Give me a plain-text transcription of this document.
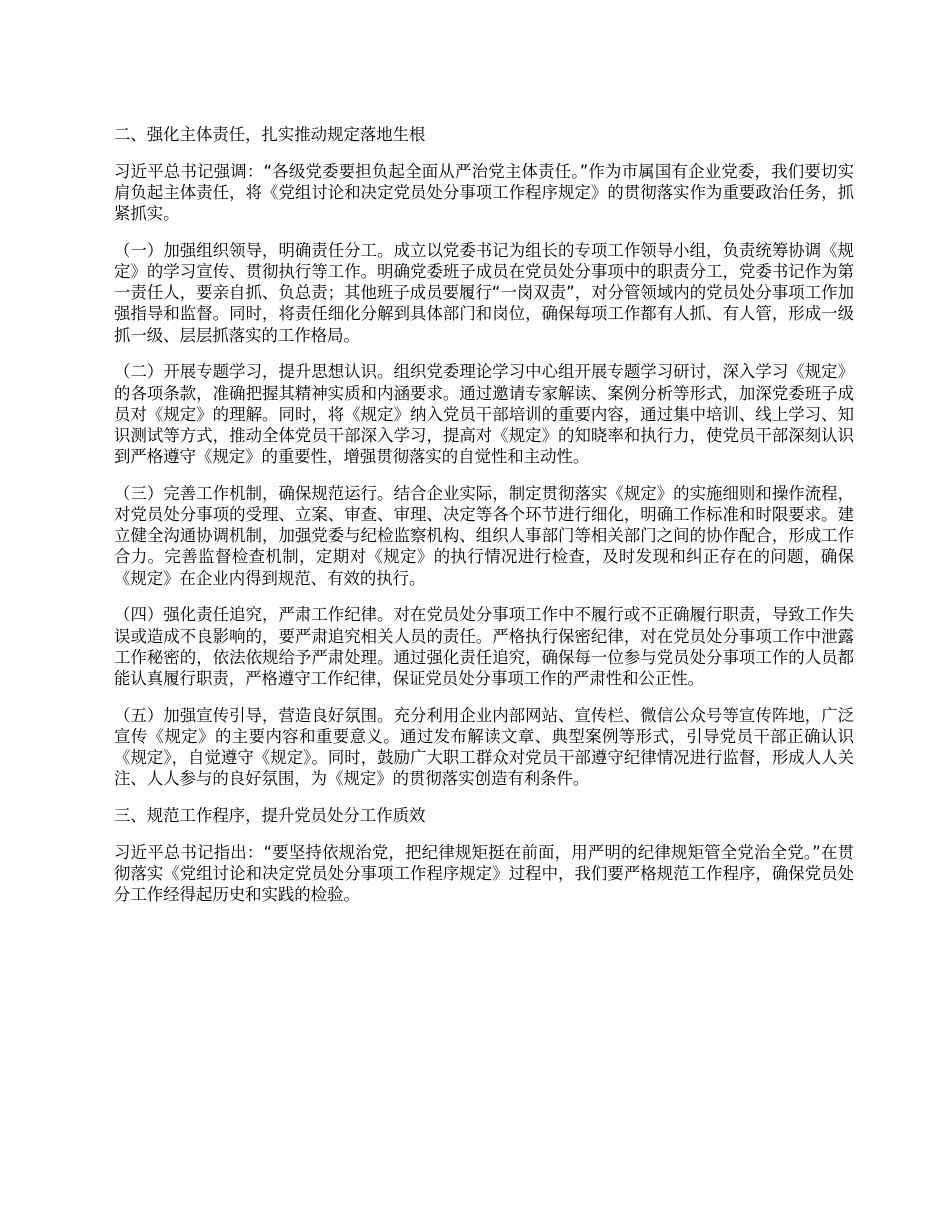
二、强化主体责任，扎实推动规定落地生根

习近平总书记强调：“各级党委要担负起全面从严治党主体责任。”作为市属国有企业党委，我们要切实肩负起主体责任，将《党组讨论和决定党员处分事项工作程序规定》的贯彻落实作为重要政治任务，抓紧抓实。

（一）加强组织领导，明确责任分工。成立以党委书记为组长的专项工作领导小组，负责统筹协调《规定》的学习宣传、贯彻执行等工作。明确党委班子成员在党员处分事项中的职责分工，党委书记作为第一责任人，要亲自抓、负总责；其他班子成员要履行“一岗双责”，对分管领域内的党员处分事项工作加强指导和监督。同时，将责任细化分解到具体部门和岗位，确保每项工作都有人抓、有人管，形成一级抓一级、层层抓落实的工作格局。

（二）开展专题学习，提升思想认识。组织党委理论学习中心组开展专题学习研讨，深入学习《规定》的各项条款，准确把握其精神实质和内涵要求。通过邀请专家解读、案例分析等形式，加深党委班子成员对《规定》的理解。同时，将《规定》纳入党员干部培训的重要内容，通过集中培训、线上学习、知识测试等方式，推动全体党员干部深入学习，提高对《规定》的知晓率和执行力，使党员干部深刻认识到严格遵守《规定》的重要性，增强贯彻落实的自觉性和主动性。

（三）完善工作机制，确保规范运行。结合企业实际，制定贯彻落实《规定》的实施细则和操作流程，对党员处分事项的受理、立案、审查、审理、决定等各个环节进行细化，明确工作标准和时限要求。建立健全沟通协调机制，加强党委与纪检监察机构、组织人事部门等相关部门之间的协作配合，形成工作合力。完善监督检查机制，定期对《规定》的执行情况进行检查，及时发现和纠正存在的问题，确保《规定》在企业内得到规范、有效的执行。

（四）强化责任追究，严肃工作纪律。对在党员处分事项工作中不履行或不正确履行职责，导致工作失误或造成不良影响的，要严肃追究相关人员的责任。严格执行保密纪律，对在党员处分事项工作中泄露工作秘密的，依法依规给予严肃处理。通过强化责任追究，确保每一位参与党员处分事项工作的人员都能认真履行职责，严格遵守工作纪律，保证党员处分事项工作的严肃性和公正性。

（五）加强宣传引导，营造良好氛围。充分利用企业内部网站、宣传栏、微信公众号等宣传阵地，广泛宣传《规定》的主要内容和重要意义。通过发布解读文章、典型案例等形式，引导党员干部正确认识《规定》，自觉遵守《规定》。同时，鼓励广大职工群众对党员干部遵守纪律情况进行监督，形成人人关注、人人参与的良好氛围，为《规定》的贯彻落实创造有利条件。

三、规范工作程序，提升党员处分工作质效

习近平总书记指出：“要坚持依规治党，把纪律规矩挺在前面，用严明的纪律规矩管全党治全党。”在贯彻落实《党组讨论和决定党员处分事项工作程序规定》过程中，我们要严格规范工作程序，确保党员处分工作经得起历史和实践的检验。
